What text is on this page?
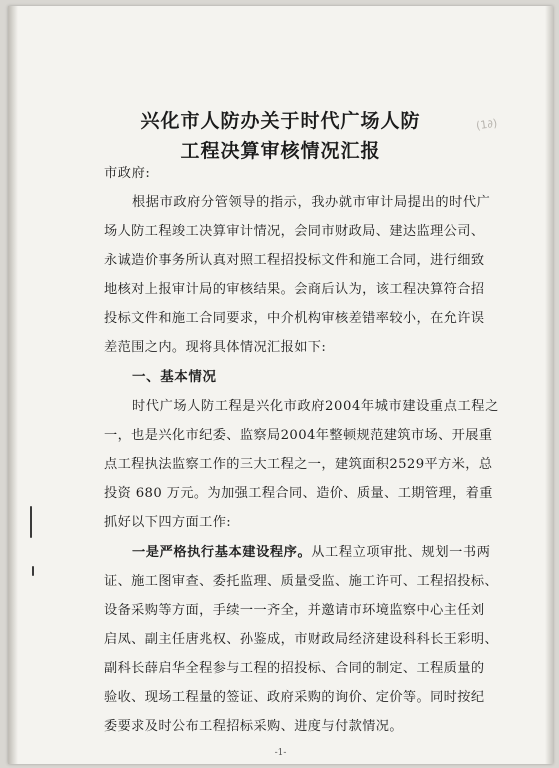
兴化市人防办关于时代广场人防
工程决算审核情况汇报
(1∂)
市政府:
根据市政府分管领导的指示，我办就市审计局提出的时代广
场人防工程竣工决算审计情况，会同市财政局、建达监理公司、
永诚造价事务所认真对照工程招投标文件和施工合同，进行细致
地核对上报审计局的审核结果。会商后认为，该工程决算符合招
投标文件和施工合同要求，中介机构审核差错率较小，在允许误
差范围之内。现将具体情况汇报如下:
一、基本情况
时代广场人防工程是兴化市政府2004年城市建设重点工程之
一，也是兴化市纪委、监察局2004年整顿规范建筑市场、开展重
点工程执法监察工作的三大工程之一，建筑面积2529平方米，总
投资 680 万元。为加强工程合同、造价、质量、工期管理，着重
抓好以下四方面工作:
一是严格执行基本建设程序。从工程立项审批、规划一书两
证、施工图审查、委托监理、质量受监、施工许可、工程招投标、
设备采购等方面，手续一一齐全，并邀请市环境监察中心主任刘
启凤、副主任唐兆权、孙鉴成，市财政局经济建设科科长王彩明、
副科长薛启华全程参与工程的招投标、合同的制定、工程质量的
验收、现场工程量的签证、政府采购的询价、定价等。同时按纪
委要求及时公布工程招标采购、进度与付款情况。
-1-
